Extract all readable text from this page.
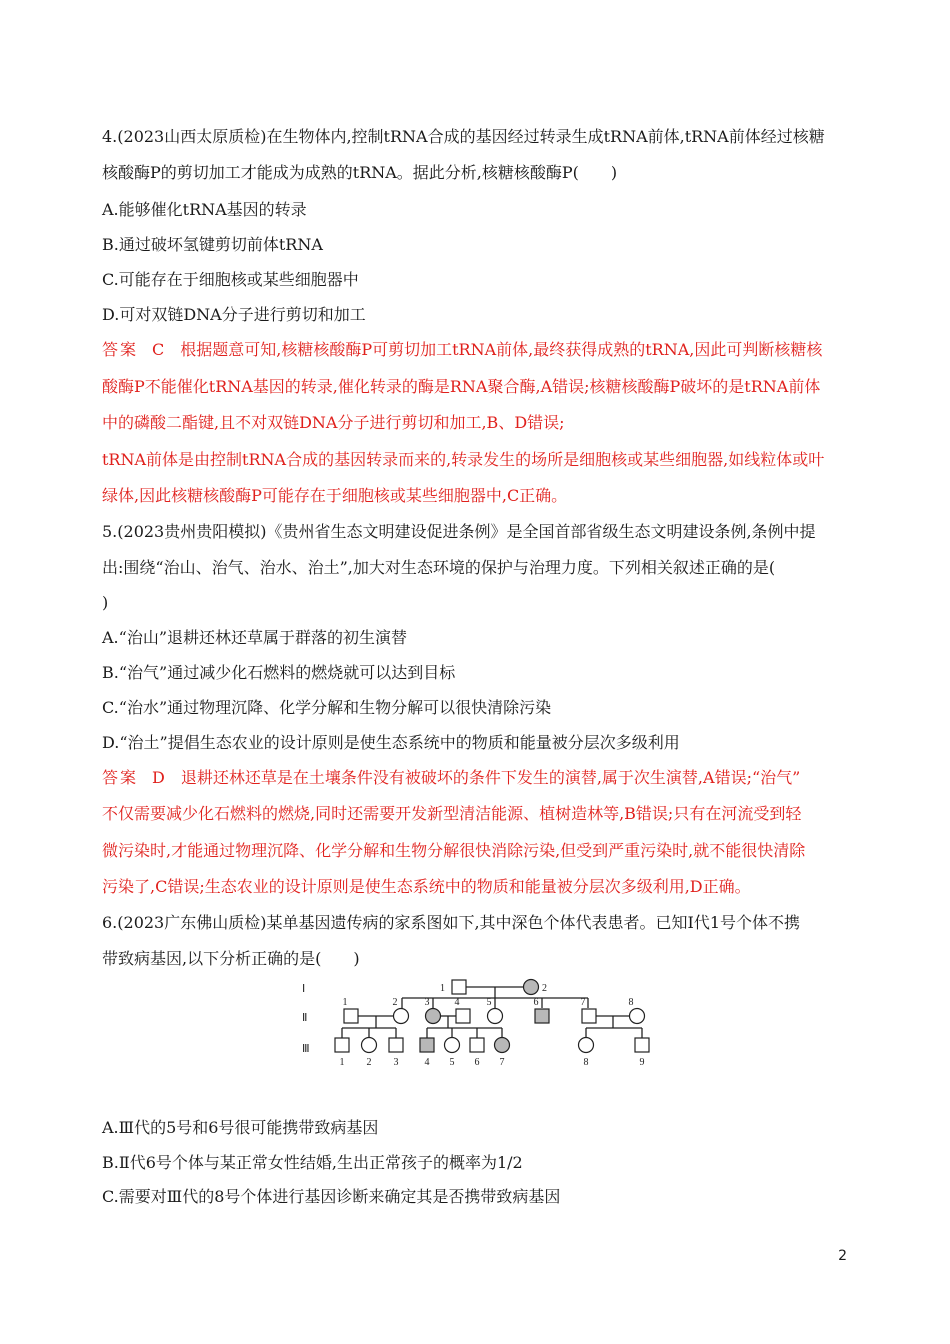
4.(2023山西太原质检)在生物体内,控制tRNA合成的基因经过转录生成tRNA前体,tRNA前体经过核糖
核酸酶P的剪切加工才能成为成熟的tRNA。据此分析,核糖核酸酶P(　　)
A.能够催化tRNA基因的转录
B.通过破坏氢键剪切前体tRNA
C.可能存在于细胞核或某些细胞器中
D.可对双链DNA分子进行剪切和加工
答案 C 根据题意可知,核糖核酸酶P可剪切加工tRNA前体,最终获得成熟的tRNA,因此可判断核糖核
酸酶P不能催化tRNA基因的转录,催化转录的酶是RNA聚合酶,A错误;核糖核酸酶P破坏的是tRNA前体
中的磷酸二酯键,且不对双链DNA分子进行剪切和加工,B、D错误;
tRNA前体是由控制tRNA合成的基因转录而来的,转录发生的场所是细胞核或某些细胞器,如线粒体或叶
绿体,因此核糖核酸酶P可能存在于细胞核或某些细胞器中,C正确。
5.(2023贵州贵阳模拟)《贵州省生态文明建设促进条例》是全国首部省级生态文明建设条例,条例中提
出:围绕“治山、治气、治水、治土”,加大对生态环境的保护与治理力度。下列相关叙述正确的是(
)
A.“治山”退耕还林还草属于群落的初生演替
B.“治气”通过减少化石燃料的燃烧就可以达到目标
C.“治水”通过物理沉降、化学分解和生物分解可以很快清除污染
D.“治土”提倡生态农业的设计原则是使生态系统中的物质和能量被分层次多级利用
答案 D 退耕还林还草是在土壤条件没有被破坏的条件下发生的演替,属于次生演替,A错误;“治气”
不仅需要减少化石燃料的燃烧,同时还需要开发新型清洁能源、植树造林等,B错误;只有在河流受到轻
微污染时,才能通过物理沉降、化学分解和生物分解很快消除污染,但受到严重污染时,就不能很快清除
污染了,C错误;生态农业的设计原则是使生态系统中的物质和能量被分层次多级利用,D正确。
6.(2023广东佛山质检)某单基因遗传病的家系图如下,其中深色个体代表患者。已知Ⅰ代1号个体不携
带致病基因,以下分析正确的是(　　)
Ⅰ
Ⅱ
Ⅲ
1	2
1	2	3	4	5	6	7	8
1 2 3	4 5 6 7	8	9
A.Ⅲ代的5号和6号很可能携带致病基因
B.Ⅱ代6号个体与某正常女性结婚,生出正常孩子的概率为1/2
C.需要对Ⅲ代的8号个体进行基因诊断来确定其是否携带致病基因
2
